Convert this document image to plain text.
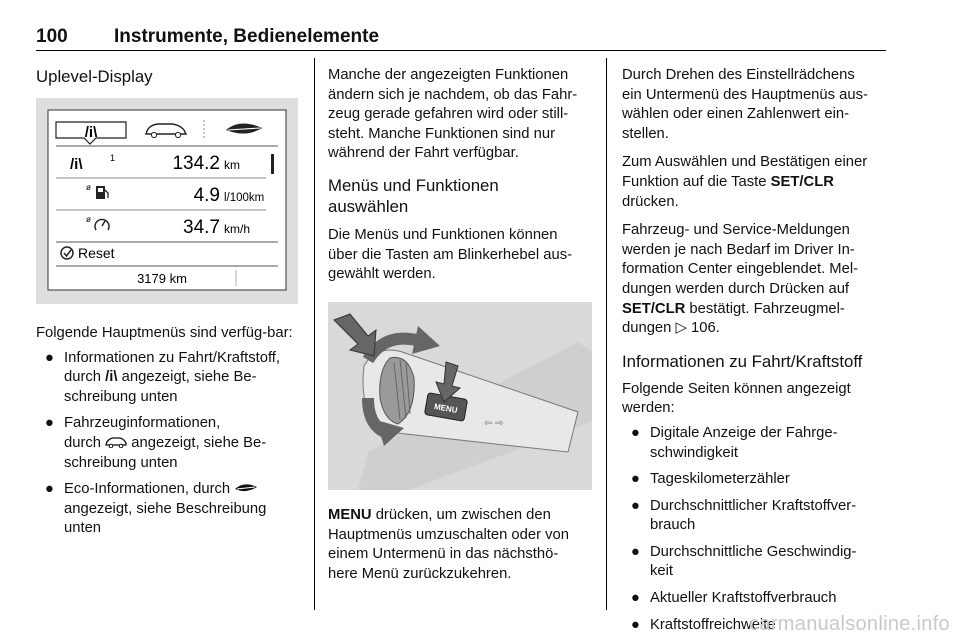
100 Instrumente, Bedienelemente
Uplevel-Display
/i\
/i\	1	134.2 km
ø	4.9 l/100km
ø	34.7 km/h
Reset
3179 km

Folgende Hauptmenüs sind verfüg-bar:

● Informationen zu Fahrt/Kraftstoff,
durch /i\ angezeigt, siehe Be-
schreibung unten
● Fahrzeuginformationen,
durch angezeigt, siehe Be-
schreibung unten
● Eco-Informationen, durch
angezeigt, siehe Beschreibung
unten

Manche der angezeigten Funktionen
ändern sich je nachdem, ob das Fahr-
zeug gerade gefahren wird oder still-
steht. Manche Funktionen sind nur
während der Fahrt verfügbar.

Menüs und Funktionen
auswählen

Die Menüs und Funktionen können
über die Tasten am Blinkerhebel aus-
gewählt werden.

MENU
⇦ ⇨

MENU drücken, um zwischen den
Hauptmenüs umzuschalten oder von
einem Untermenü in das nächsthö-
here Menü zurückzukehren.

Durch Drehen des Einstellrädchens
ein Untermenü des Hauptmenüs aus-
wählen oder einen Zahlenwert ein-
stellen.

Zum Auswählen und Bestätigen einer
Funktion auf die Taste SET/CLR
drücken.

Fahrzeug- und Service-Meldungen
werden je nach Bedarf im Driver In-
formation Center eingeblendet. Mel-
dungen werden durch Drücken auf
SET/CLR bestätigt. Fahrzeugmel-
dungen ▷ 106.

Informationen zu Fahrt/Kraftstoff

Folgende Seiten können angezeigt
werden:

● Digitale Anzeige der Fahrge-
schwindigkeit
● Tageskilometerzähler
● Durchschnittlicher Kraftstoffver-
brauch
● Durchschnittliche Geschwindig-
keit
● Aktueller Kraftstoffverbrauch
● Kraftstoffreichweite
carmanualsonline.info
